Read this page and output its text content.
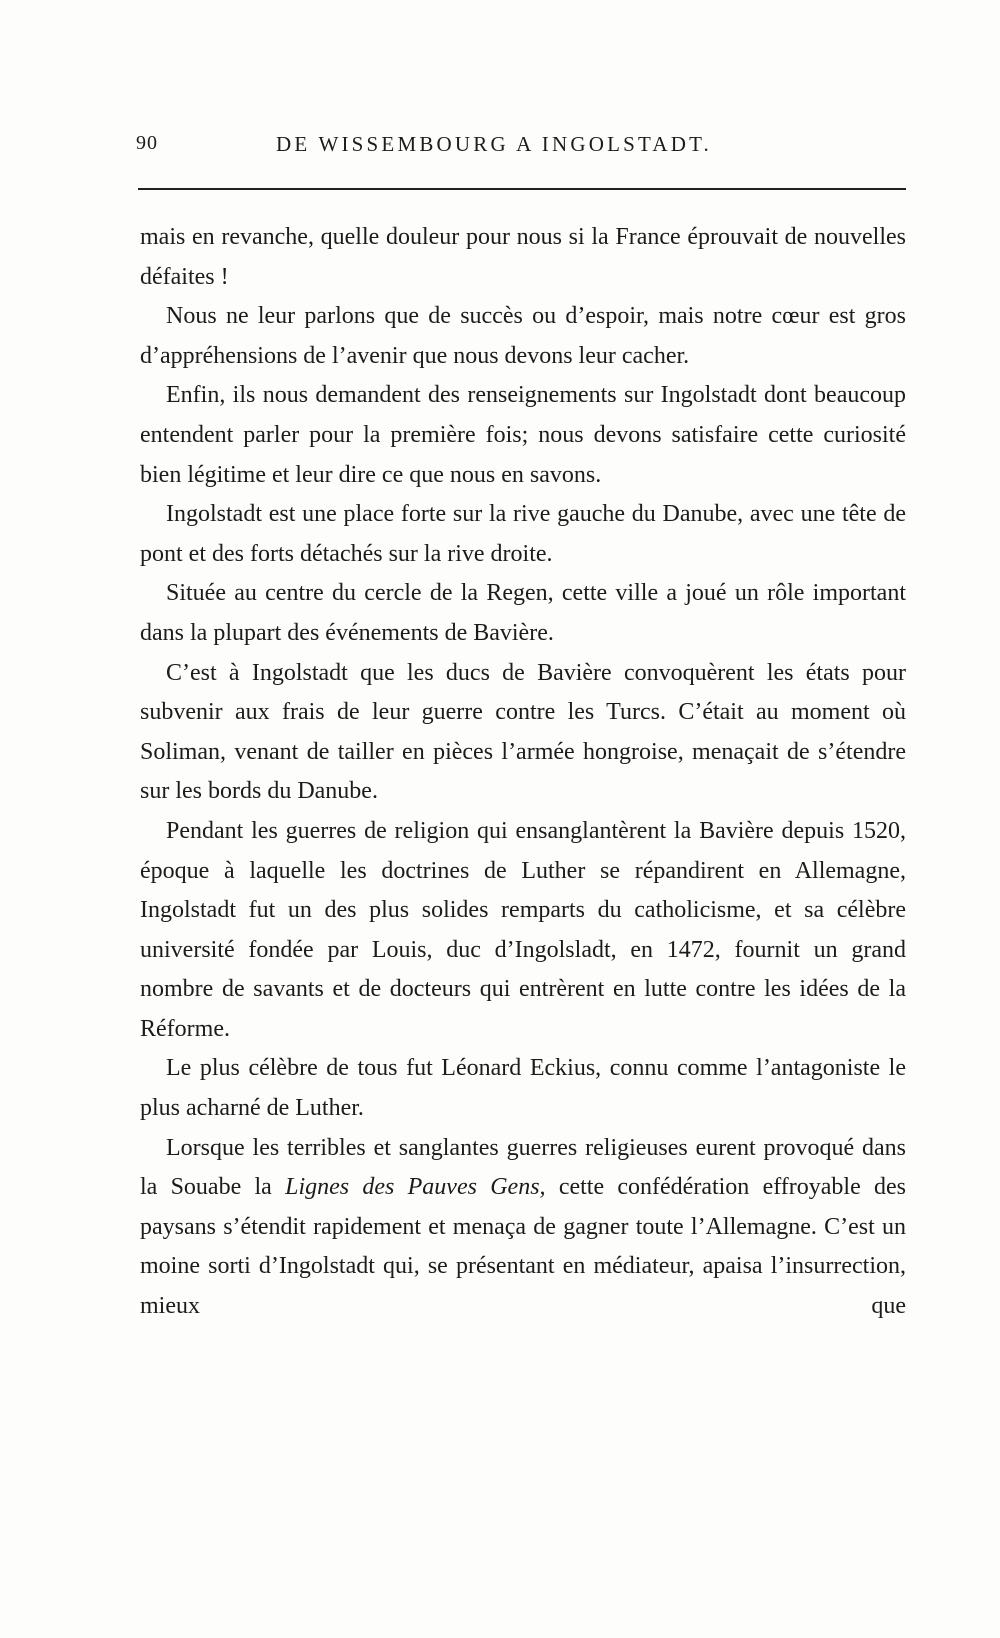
90	DE WISSEMBOURG A INGOLSTADT.

mais en revanche, quelle douleur pour nous si la France éprouvait de nouvelles défaites !

Nous ne leur parlons que de succès ou d’espoir, mais notre cœur est gros d’appréhensions de l’avenir que nous devons leur cacher.

Enfin, ils nous demandent des renseignements sur Ingolstadt dont beaucoup entendent parler pour la première fois; nous devons satisfaire cette curiosité bien légitime et leur dire ce que nous en savons.

Ingolstadt est une place forte sur la rive gauche du Danube, avec une tête de pont et des forts détachés sur la rive droite.

Située au centre du cercle de la Regen, cette ville a joué un rôle important dans la plupart des événements de Bavière.

C’est à Ingolstadt que les ducs de Bavière convoquèrent les états pour subvenir aux frais de leur guerre contre les Turcs. C’était au moment où Soliman, venant de tailler en pièces l’armée hongroise, menaçait de s’étendre sur les bords du Danube.

Pendant les guerres de religion qui ensanglantèrent la Bavière depuis 1520, époque à laquelle les doctrines de Luther se répandirent en Allemagne, Ingolstadt fut un des plus solides remparts du catholicisme, et sa célèbre université fondée par Louis, duc d’Ingolsladt, en 1472, fournit un grand nombre de savants et de docteurs qui entrèrent en lutte contre les idées de la Réforme.

Le plus célèbre de tous fut Léonard Eckius, connu comme l’antagoniste le plus acharné de Luther.

Lorsque les terribles et sanglantes guerres religieuses eurent provoqué dans la Souabe la Lignes des Pauves Gens, cette confédération effroyable des paysans s’étendit rapidement et menaça de gagner toute l’Allemagne. C’est un moine sorti d’Ingolstadt qui, se présentant en médiateur, apaisa l’insurrection, mieux que
